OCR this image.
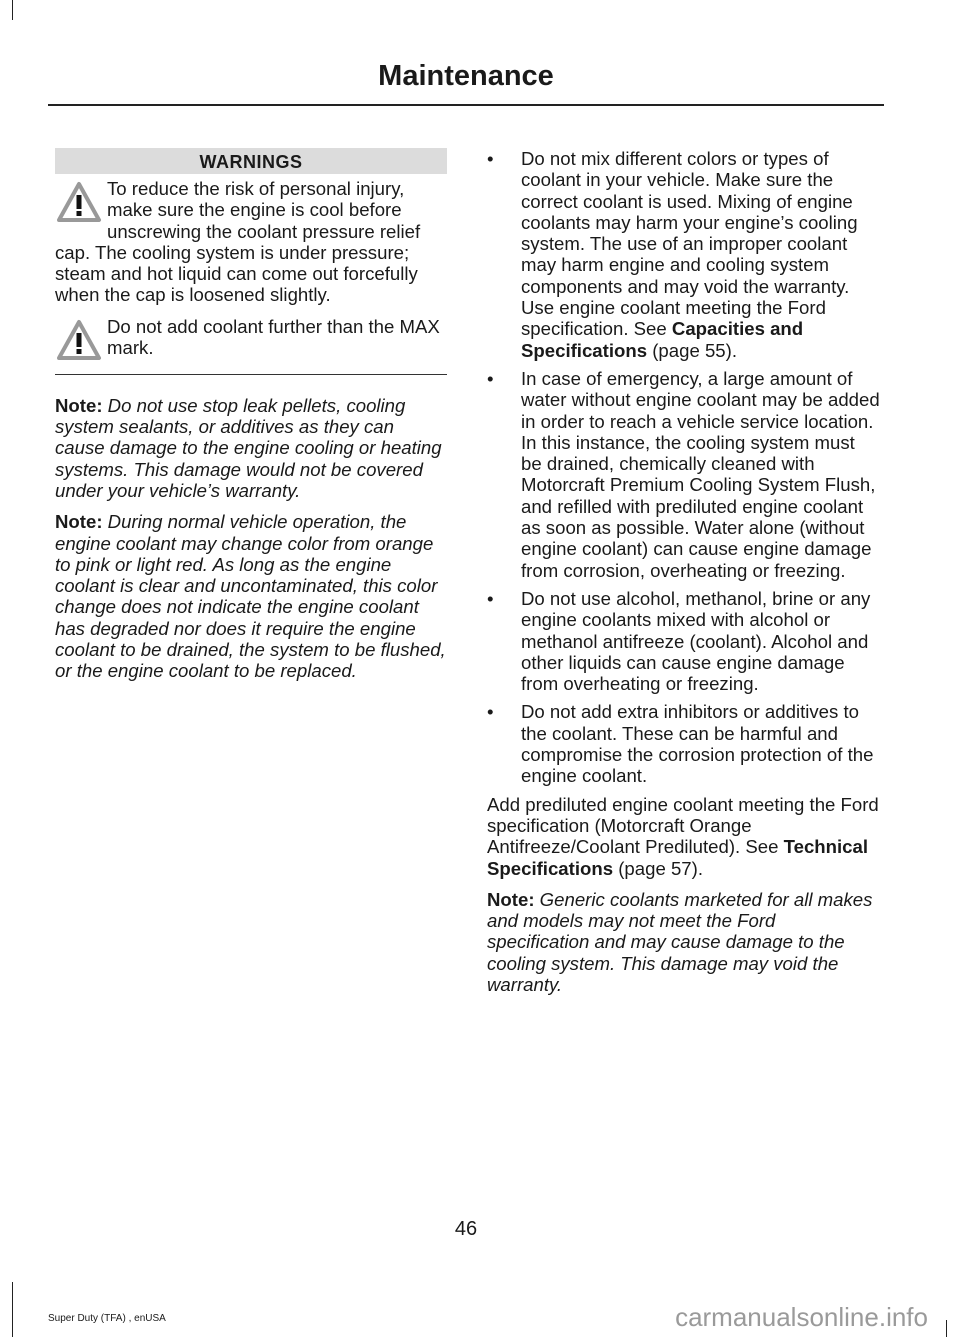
Maintenance
WARNINGS

To reduce the risk of personal injury, make sure the engine is cool before unscrewing the coolant pressure relief cap. The cooling system is under pressure; steam and hot liquid can come out forcefully when the cap is loosened slightly.

Do not add coolant further than the MAX mark.

Note: Do not use stop leak pellets, cooling system sealants, or additives as they can cause damage to the engine cooling or heating systems. This damage would not be covered under your vehicle’s warranty.

Note: During normal vehicle operation, the engine coolant may change color from orange to pink or light red. As long as the engine coolant is clear and uncontaminated, this color change does not indicate the engine coolant has degraded nor does it require the engine coolant to be drained, the system to be flushed, or the engine coolant to be replaced.

• Do not mix different colors or types of coolant in your vehicle. Make sure the correct coolant is used. Mixing of engine coolants may harm your engine’s cooling system. The use of an improper coolant may harm engine and cooling system components and may void the warranty. Use engine coolant meeting the Ford specification. See Capacities and Specifications (page 55).
• In case of emergency, a large amount of water without engine coolant may be added in order to reach a vehicle service location. In this instance, the cooling system must be drained, chemically cleaned with Motorcraft Premium Cooling System Flush, and refilled with prediluted engine coolant as soon as possible. Water alone (without engine coolant) can cause engine damage from corrosion, overheating or freezing.
• Do not use alcohol, methanol, brine or any engine coolants mixed with alcohol or methanol antifreeze (coolant). Alcohol and other liquids can cause engine damage from overheating or freezing.
• Do not add extra inhibitors or additives to the coolant. These can be harmful and compromise the corrosion protection of the engine coolant.

Add prediluted engine coolant meeting the Ford specification (Motorcraft Orange Antifreeze/Coolant Prediluted). See Technical Specifications (page 57).

Note: Generic coolants marketed for all makes and models may not meet the Ford specification and may cause damage to the cooling system. This damage may void the warranty.

46
Super Duty (TFA) , enUSA	carmanualsonline.info
